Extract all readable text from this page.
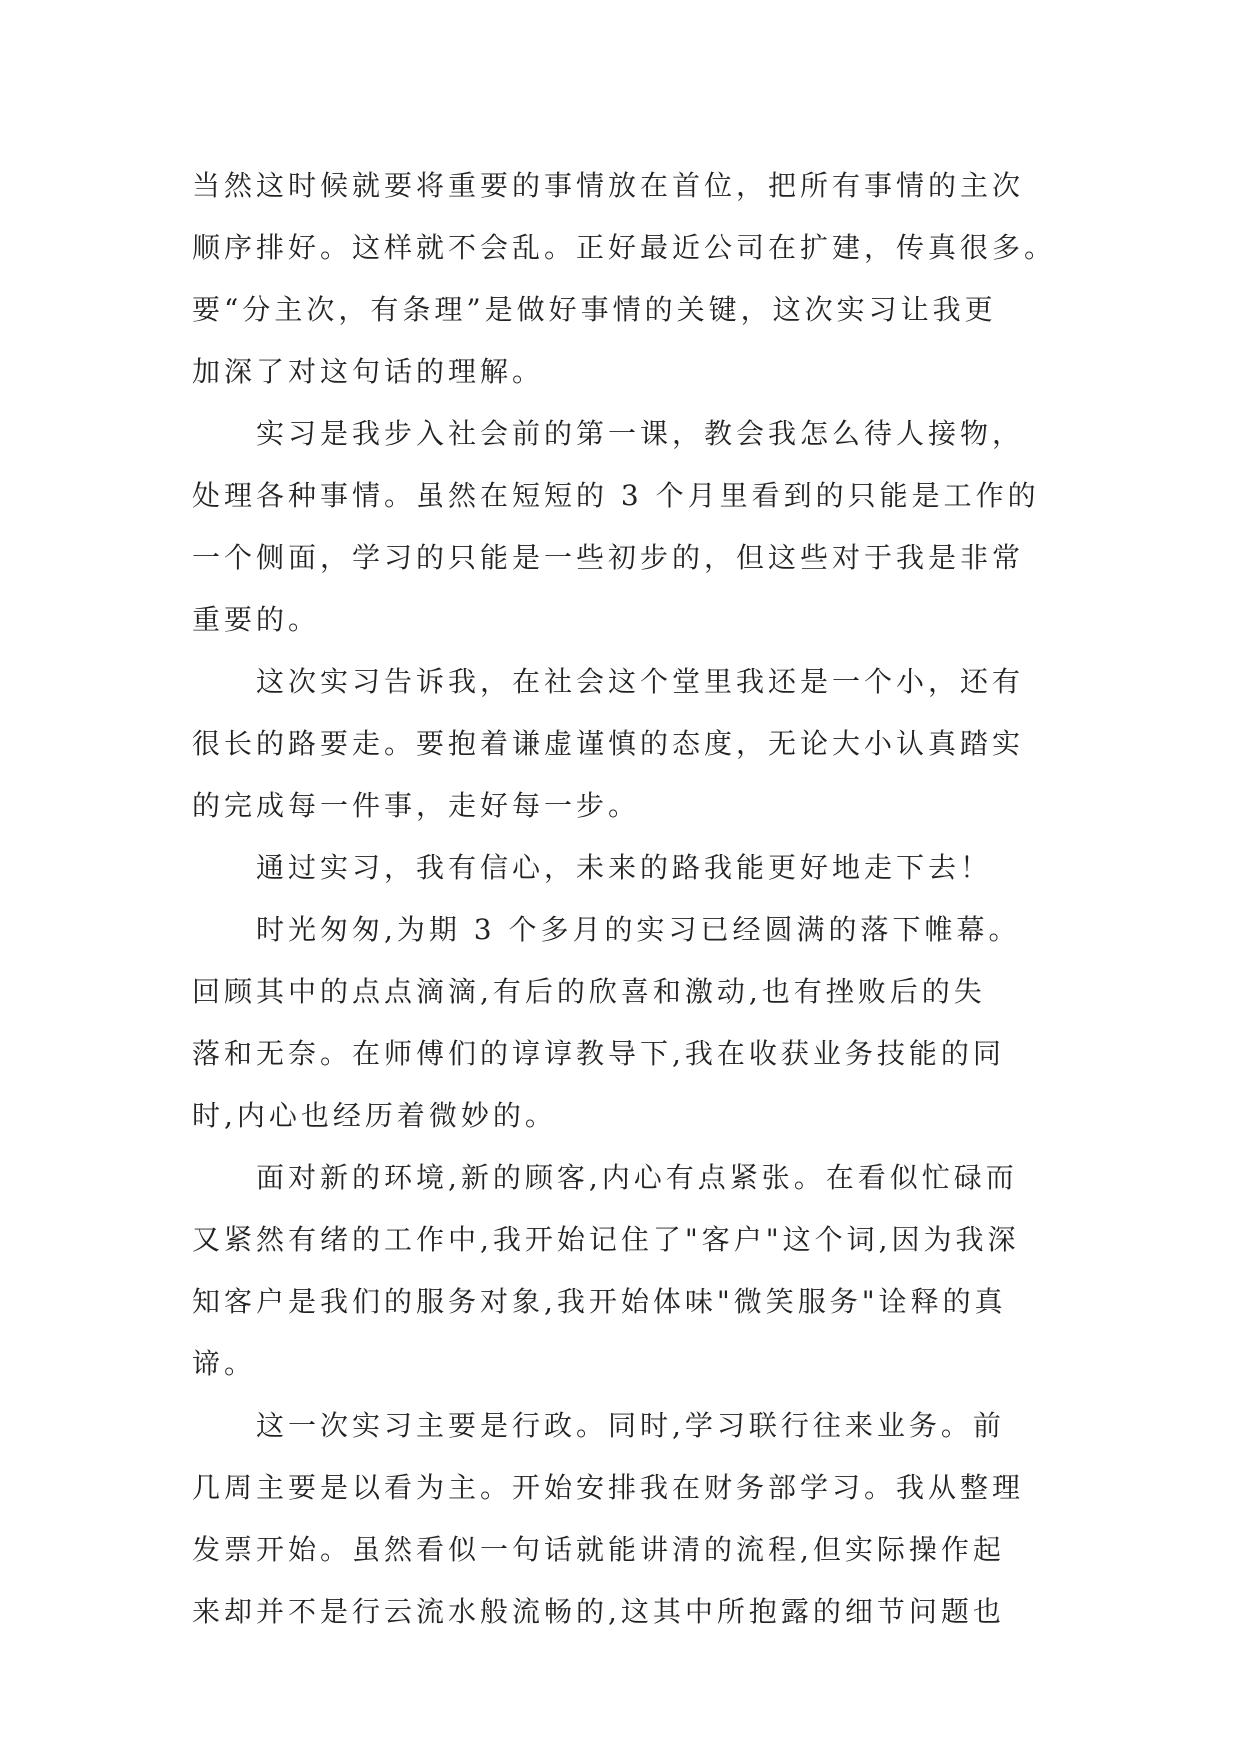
当然这时候就要将重要的事情放在首位，把所有事情的主次
顺序排好。这样就不会乱。正好最近公司在扩建，传真很多。
要“分主次，有条理”是做好事情的关键，这次实习让我更
加深了对这句话的理解。
实习是我步入社会前的第一课，教会我怎么待人接物，
处理各种事情。虽然在短短的 3 个月里看到的只能是工作的
一个侧面，学习的只能是一些初步的，但这些对于我是非常
重要的。
这次实习告诉我，在社会这个堂里我还是一个小，还有
很长的路要走。要抱着谦虚谨慎的态度，无论大小认真踏实
的完成每一件事，走好每一步。
通过实习，我有信心，未来的路我能更好地走下去！
时光匆匆,为期 3 个多月的实习已经圆满的落下帷幕。
回顾其中的点点滴滴,有后的欣喜和激动,也有挫败后的失
落和无奈。在师傅们的谆谆教导下,我在收获业务技能的同
时,内心也经历着微妙的。
面对新的环境,新的顾客,内心有点紧张。在看似忙碌而
又紧然有绪的工作中,我开始记住了"客户"这个词,因为我深
知客户是我们的服务对象,我开始体味"微笑服务"诠释的真
谛。
这一次实习主要是行政。同时,学习联行往来业务。前
几周主要是以看为主。开始安排我在财务部学习。我从整理
发票开始。虽然看似一句话就能讲清的流程,但实际操作起
来却并不是行云流水般流畅的,这其中所抱露的细节问题也
